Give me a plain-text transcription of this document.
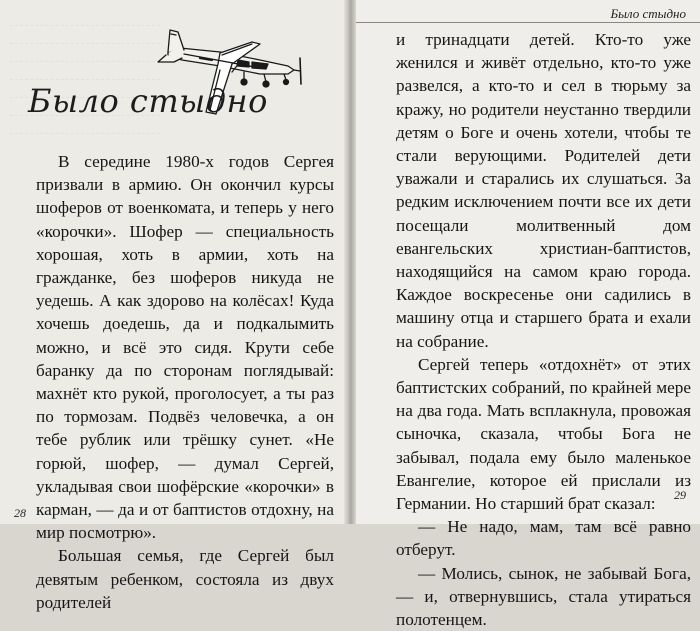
Было стыдно

В середине 1980-х годов Сергея призвали в армию. Он окончил курсы шоферов от военкомата, и теперь у него «корочки». Шофер — специальность хорошая, хоть в армии, хоть на гражданке, без шоферов никуда не уедешь. А как здорово на колёсах! Куда хочешь доедешь, да и подкалымить можно, и всё это сидя. Крути себе баранку да по сторонам поглядывай: махнёт кто рукой, проголосует, а ты раз по тормозам. Подвёз человечка, а он тебе рублик или трёшку сунет. «Не горюй, шофер, — думал Сергей, укладывая свои шофёрские «корочки» в карман, — да и от баптистов отдохну, на мир посмотрю».

Большая семья, где Сергей был девятым ребенком, состояла из двух родителей

28

и тринадцати детей. Кто-то уже женился и живёт отдельно, кто-то уже развелся, а кто-то и сел в тюрьму за кражу, но родители неустанно твердили детям о Боге и очень хотели, чтобы те стали верующими. Родителей дети уважали и старались их слушаться. За редким исключением почти все их дети посещали молитвенный дом евангельских христиан-баптистов, находящийся на самом краю города. Каждое воскресенье они садились в машину отца и старшего брата и ехали на собрание.

Сергей теперь «отдохнёт» от этих баптистских собраний, по крайней мере на два года. Мать всплакнула, провожая сыночка, сказала, чтобы Бога не забывал, подала ему было маленькое Евангелие, которое ей прислали из Германии. Но старший брат сказал:

— Не надо, мам, там всё равно отберут.

— Молись, сынок, не забывай Бога, — и, отвернувшись, стала утираться полотенцем.

29
Было стыдно
